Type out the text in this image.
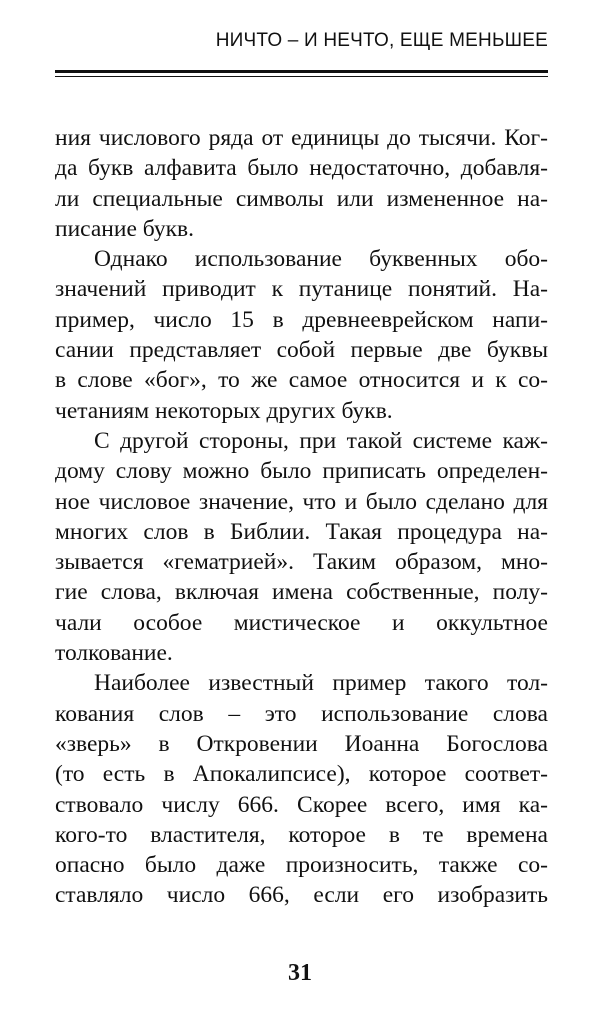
НИЧТО – И НЕЧТО, ЕЩЕ МЕНЬШЕЕ
ния числового ряда от единицы до тысячи. Ког-
да букв алфавита было недостаточно, добавля-
ли специальные символы или измененное на-
писание букв.
Однако использование буквенных обо-
значений приводит к путанице понятий. На-
пример, число 15 в древнееврейском напи-
сании представляет собой первые две буквы
в слове «бог», то же самое относится и к со-
четаниям некоторых других букв.
С другой стороны, при такой системе каж-
дому слову можно было приписать определен-
ное числовое значение, что и было сделано для
многих слов в Библии. Такая процедура на-
зывается «гематрией». Таким образом, мно-
гие слова, включая имена собственные, полу-
чали особое мистическое и оккультное
толкование.
Наиболее известный пример такого тол-
кования слов – это использование слова
«зверь» в Откровении Иоанна Богослова
(то есть в Апокалипсисе), которое соответ-
ствовало числу 666. Скорее всего, имя ка-
кого-то властителя, которое в те времена
опасно было даже произносить, также со-
ставляло число 666, если его изобразить
31
